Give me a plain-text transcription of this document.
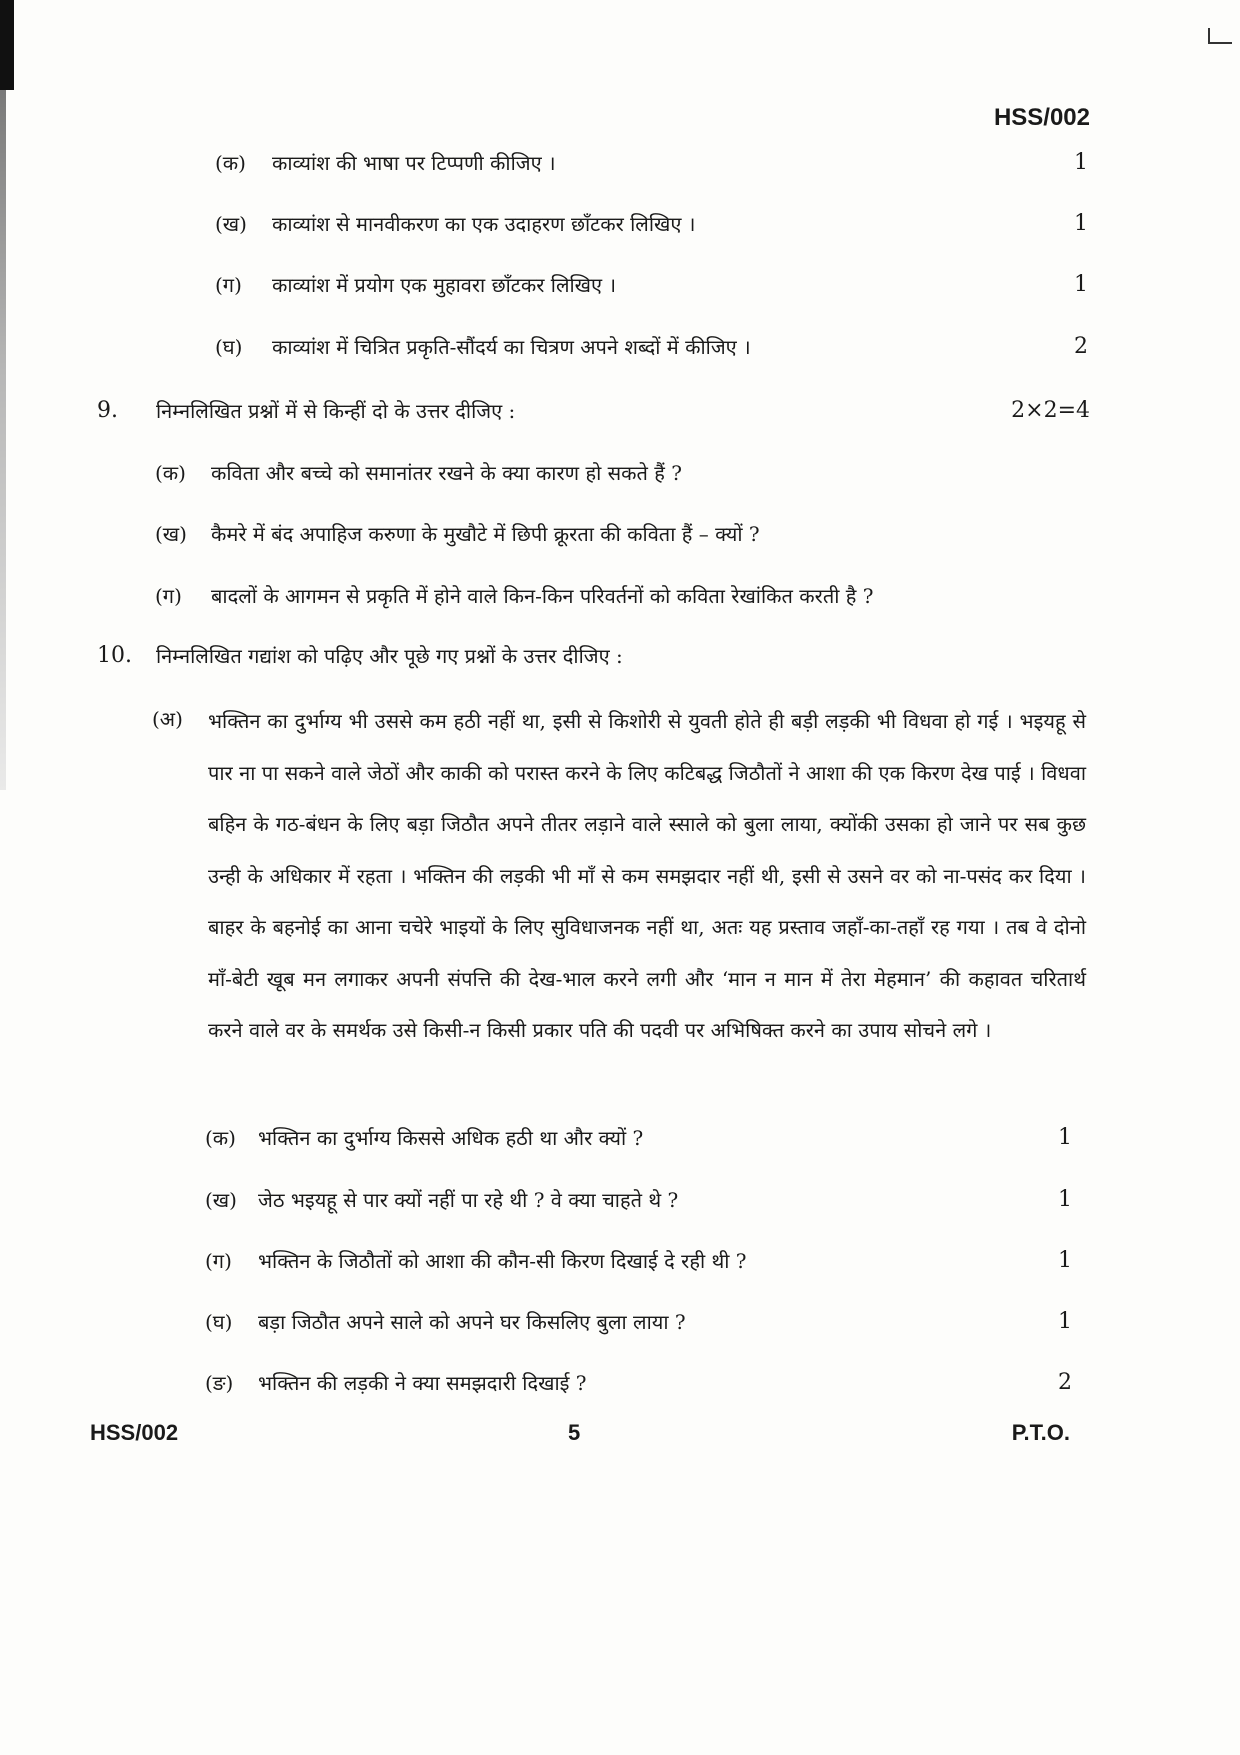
HSS/002
(क) काव्यांश की भाषा पर टिप्पणी कीजिए ।	1
(ख) काव्यांश से मानवीकरण का एक उदाहरण छाँटकर लिखिए ।	1
(ग) काव्यांश में प्रयोग एक मुहावरा छाँटकर लिखिए ।	1
(घ) काव्यांश में चित्रित प्रकृति-सौंदर्य का चित्रण अपने शब्दों में कीजिए ।	2
9. निम्नलिखित प्रश्नों में से किन्हीं दो के उत्तर दीजिए :	2×2=4
(क) कविता और बच्चे को समानांतर रखने के क्या कारण हो सकते हैं ?
(ख) कैमरे में बंद अपाहिज करुणा के मुखौटे में छिपी क्रूरता की कविता हैं – क्यों ?
(ग) बादलों के आगमन से प्रकृति में होने वाले किन-किन परिवर्तनों को कविता रेखांकित करती है ?
10. निम्नलिखित गद्यांश को पढ़िए और पूछे गए प्रश्नों के उत्तर दीजिए :
(अ) भक्तिन का दुर्भाग्य भी उससे कम हठी नहीं था, इसी से किशोरी से युवती होते ही बड़ी लड़की भी विधवा हो गई । भइयहू से पार ना पा सकने वाले जेठों और काकी को परास्त करने के लिए कटिबद्ध जिठौतों ने आशा की एक किरण देख पाई । विधवा बहिन के गठ-बंधन के लिए बड़ा जिठौत अपने तीतर लड़ाने वाले स्साले को बुला लाया, क्योंकी उसका हो जाने पर सब कुछ उन्ही के अधिकार में रहता । भक्तिन की लड़की भी माँ से कम समझदार नहीं थी, इसी से उसने वर को ना-पसंद कर दिया । बाहर के बहनोई का आना चचेरे भाइयों के लिए सुविधाजनक नहीं था, अतः यह प्रस्ताव जहाँ-का-तहाँ रह गया । तब वे दोनो माँ-बेटी खूब मन लगाकर अपनी संपत्ति की देख-भाल करने लगी और ‘मान न मान में तेरा मेहमान’ की कहावत चरितार्थ करने वाले वर के समर्थक उसे किसी-न किसी प्रकार पति की पदवी पर अभिषिक्त करने का उपाय सोचने लगे ।
(क) भक्तिन का दुर्भाग्य किससे अधिक हठी था और क्यों ?	1
(ख) जेठ भइयहू से पार क्यों नहीं पा रहे थी ? वे क्या चाहते थे ?	1
(ग) भक्तिन के जिठौतों को आशा की कौन-सी किरण दिखाई दे रही थी ?	1
(घ) बड़ा जिठौत अपने साले को अपने घर किसलिए बुला लाया ?	1
(ङ) भक्तिन की लड़की ने क्या समझदारी दिखाई ?	2
HSS/002	5	P.T.O.
